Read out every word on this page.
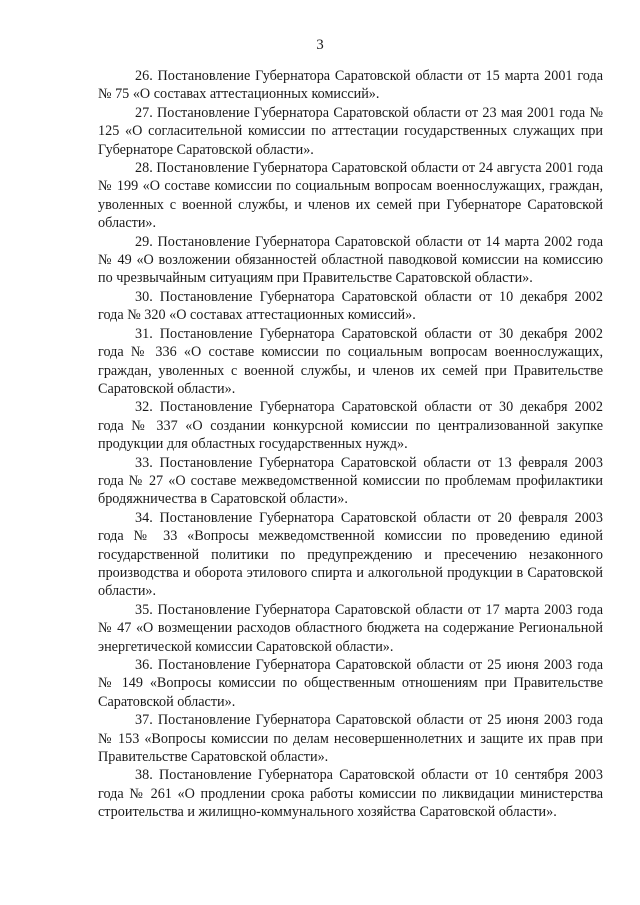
3

26. Постановление Губернатора Саратовской области от 15 марта 2001 года № 75 «О составах аттестационных комиссий».

27. Постановление Губернатора Саратовской области от 23 мая 2001 года № 125 «О согласительной комиссии по аттестации государственных служащих при Губернаторе Саратовской области».

28. Постановление Губернатора Саратовской области от 24 августа 2001 года № 199 «О составе комиссии по социальным вопросам военнослужащих, граждан, уволенных с военной службы, и членов их семей при Губернаторе Саратовской области».

29. Постановление Губернатора Саратовской области от 14 марта 2002 года № 49 «О возложении обязанностей областной паводковой комиссии на комиссию по чрезвычайным ситуациям при Правительстве Саратовской области».

30. Постановление Губернатора Саратовской области от 10 декабря 2002 года № 320 «О составах аттестационных комиссий».

31. Постановление Губернатора Саратовской области от 30 декабря 2002 года № 336 «О составе комиссии по социальным вопросам военнослужащих, граждан, уволенных с военной службы, и членов их семей при Правительстве Саратовской области».

32. Постановление Губернатора Саратовской области от 30 декабря 2002 года № 337 «О создании конкурсной комиссии по централизованной закупке продукции для областных государственных нужд».

33. Постановление Губернатора Саратовской области от 13 февраля 2003 года № 27 «О составе межведомственной комиссии по проблемам профилактики бродяжничества в Саратовской области».

34. Постановление Губернатора Саратовской области от 20 февраля 2003 года № 33 «Вопросы межведомственной комиссии по проведению единой государственной политики по предупреждению и пресечению незаконного производства и оборота этилового спирта и алкогольной продукции в Саратовской области».

35. Постановление Губернатора Саратовской области от 17 марта 2003 года № 47 «О возмещении расходов областного бюджета на содержание Региональной энергетической комиссии Саратовской области».

36. Постановление Губернатора Саратовской области от 25 июня 2003 года № 149 «Вопросы комиссии по общественным отношениям при Правительстве Саратовской области».

37. Постановление Губернатора Саратовской области от 25 июня 2003 года № 153 «Вопросы комиссии по делам несовершеннолетних и защите их прав при Правительстве Саратовской области».

38. Постановление Губернатора Саратовской области от 10 сентября 2003 года № 261 «О продлении срока работы комиссии по ликвидации министерства строительства и жилищно-коммунального хозяйства Саратовской области».
